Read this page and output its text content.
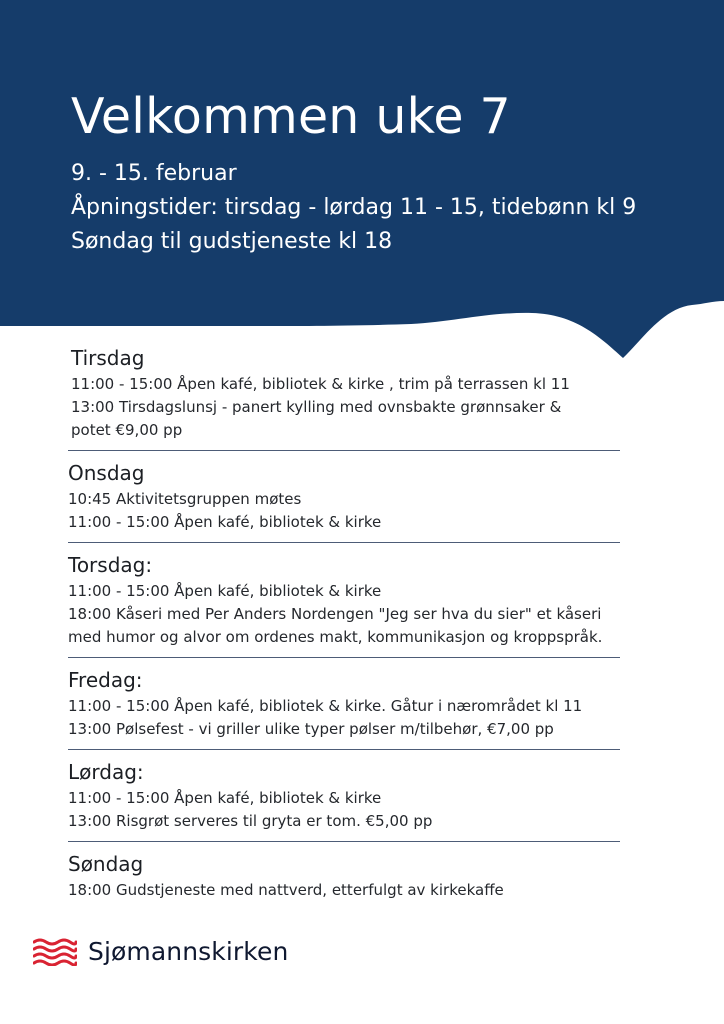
Velkommen uke 7
9. - 15. februar
Åpningstider: tirsdag - lørdag 11 - 15, tidebønn kl 9
Søndag til gudstjeneste kl 18
Tirsdag
11:00 - 15:00 Åpen kafé, bibliotek & kirke , trim på terrassen kl 11
13:00 Tirsdagslunsj - panert kylling med ovnsbakte grønnsaker & potet €9,00 pp
Onsdag
10:45 Aktivitetsgruppen møtes
11:00 - 15:00 Åpen kafé, bibliotek & kirke
Torsdag:
11:00 - 15:00 Åpen kafé, bibliotek & kirke
18:00 Kåseri med Per Anders Nordengen "Jeg ser hva du sier" et kåseri med humor og alvor om ordenes makt, kommunikasjon og kroppspråk.
Fredag:
11:00 - 15:00 Åpen kafé, bibliotek & kirke. Gåtur i nærområdet kl 11
13:00 Pølsefest - vi griller ulike typer pølser m/tilbehør, €7,00 pp
Lørdag:
11:00 - 15:00 Åpen kafé, bibliotek & kirke
13:00 Risgrøt serveres til gryta er tom. €5,00 pp
Søndag
18:00 Gudstjeneste med nattverd, etterfulgt av kirkekaffe
Sjømannskirken
